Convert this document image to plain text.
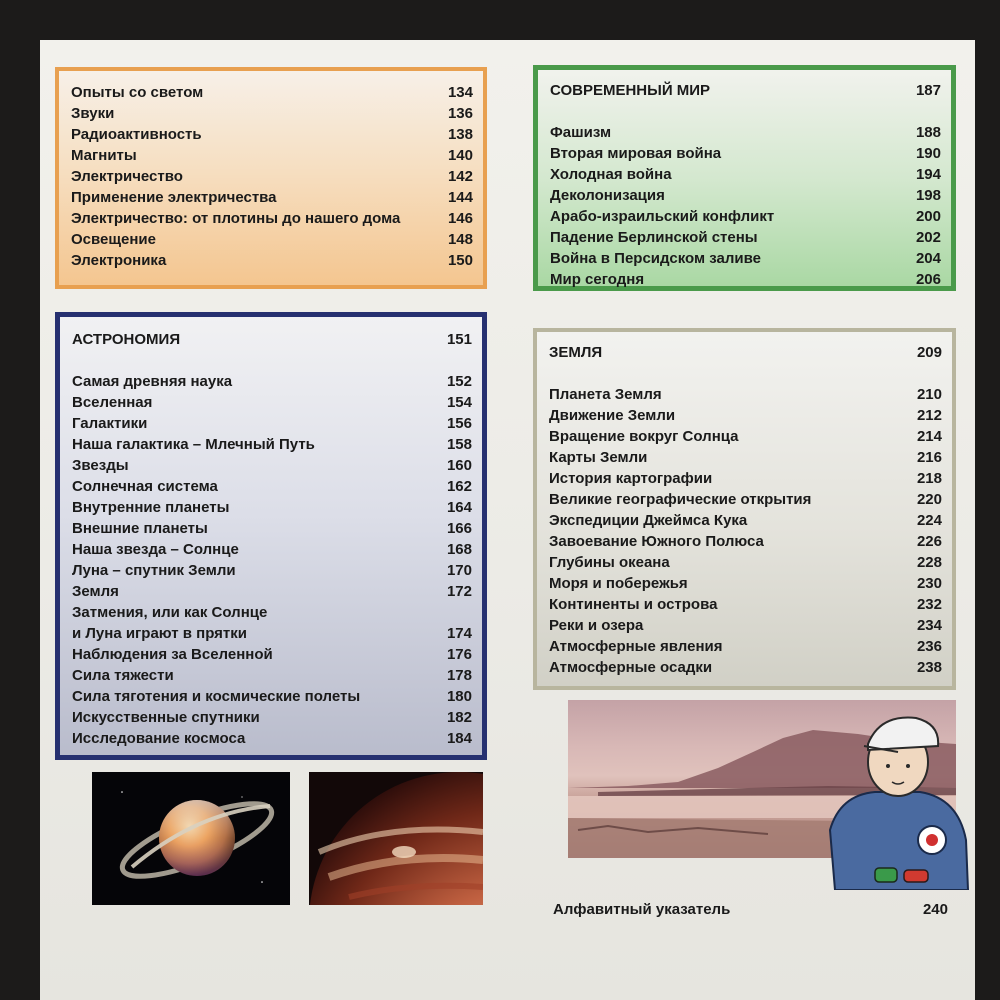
Опыты со светом	134
Звуки	136
Радиоактивность	138
Магниты	140
Электричество	142
Применение электричества	144
Электричество: от плотины до нашего дома	146
Освещение	148
Электроника	150
АСТРОНОМИЯ	151
Самая древняя наука	152
Вселенная	154
Галактики	156
Наша галактика – Млечный Путь	158
Звезды	160
Солнечная система	162
Внутренние планеты	164
Внешние планеты	166
Наша звезда – Солнце	168
Луна – спутник Земли	170
Земля	172
Затмения, или как Солнце
и Луна играют в прятки	174
Наблюдения за Вселенной	176
Сила тяжести	178
Сила тяготения и космические полеты	180
Искусственные спутники	182
Исследование космоса	184
СОВРЕМЕННЫЙ МИР	187
Фашизм	188
Вторая мировая война	190
Холодная война	194
Деколонизация	198
Арабо-израильский конфликт	200
Падение Берлинской стены	202
Война в Персидском заливе	204
Мир сегодня	206
ЗЕМЛЯ	209
Планета Земля	210
Движение Земли	212
Вращение вокруг Солнца	214
Карты Земли	216
История картографии	218
Великие географические открытия	220
Экспедиции Джеймса Кука	224
Завоевание Южного Полюса	226
Глубины океана	228
Моря и побережья	230
Континенты и острова	232
Реки и озера	234
Атмосферные явления	236
Атмосферные осадки	238
Алфавитный указатель	240
